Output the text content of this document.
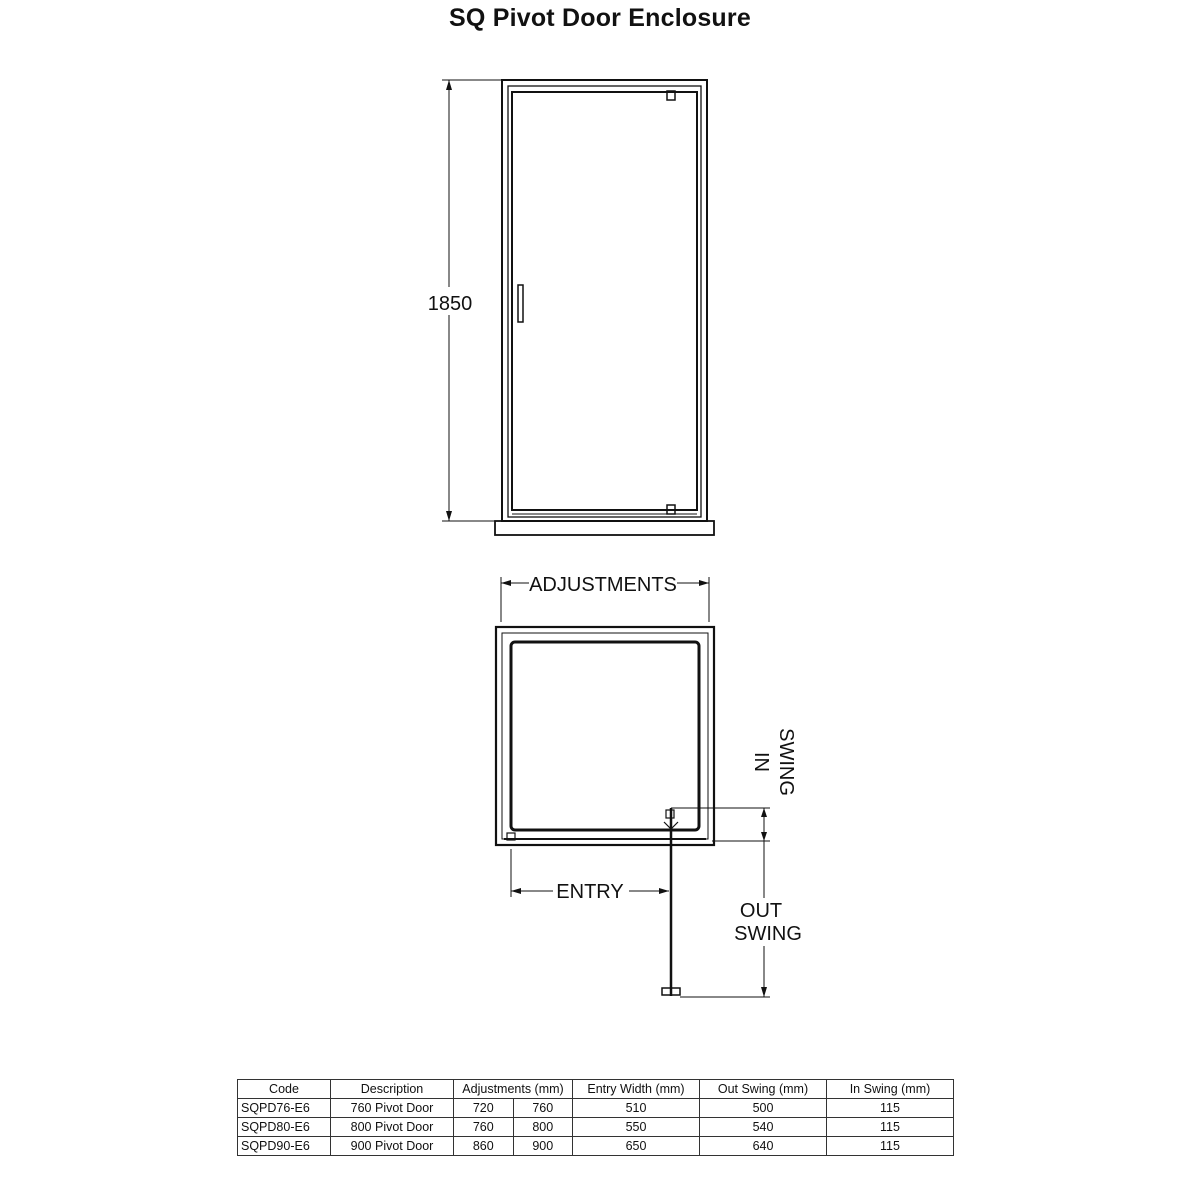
SQ Pivot Door Enclosure
1850
ADJUSTMENTS
ENTRY
IN SWING
OUT
SWING
Code	Description	Adjustments (mm)		Entry Width (mm)	Out Swing (mm)	In Swing (mm)
SQPD76-E6	760 Pivot Door	720	760	510	500	115
SQPD80-E6	800 Pivot Door	760	800	550	540	115
SQPD90-E6	900 Pivot Door	860	900	650	640	115
